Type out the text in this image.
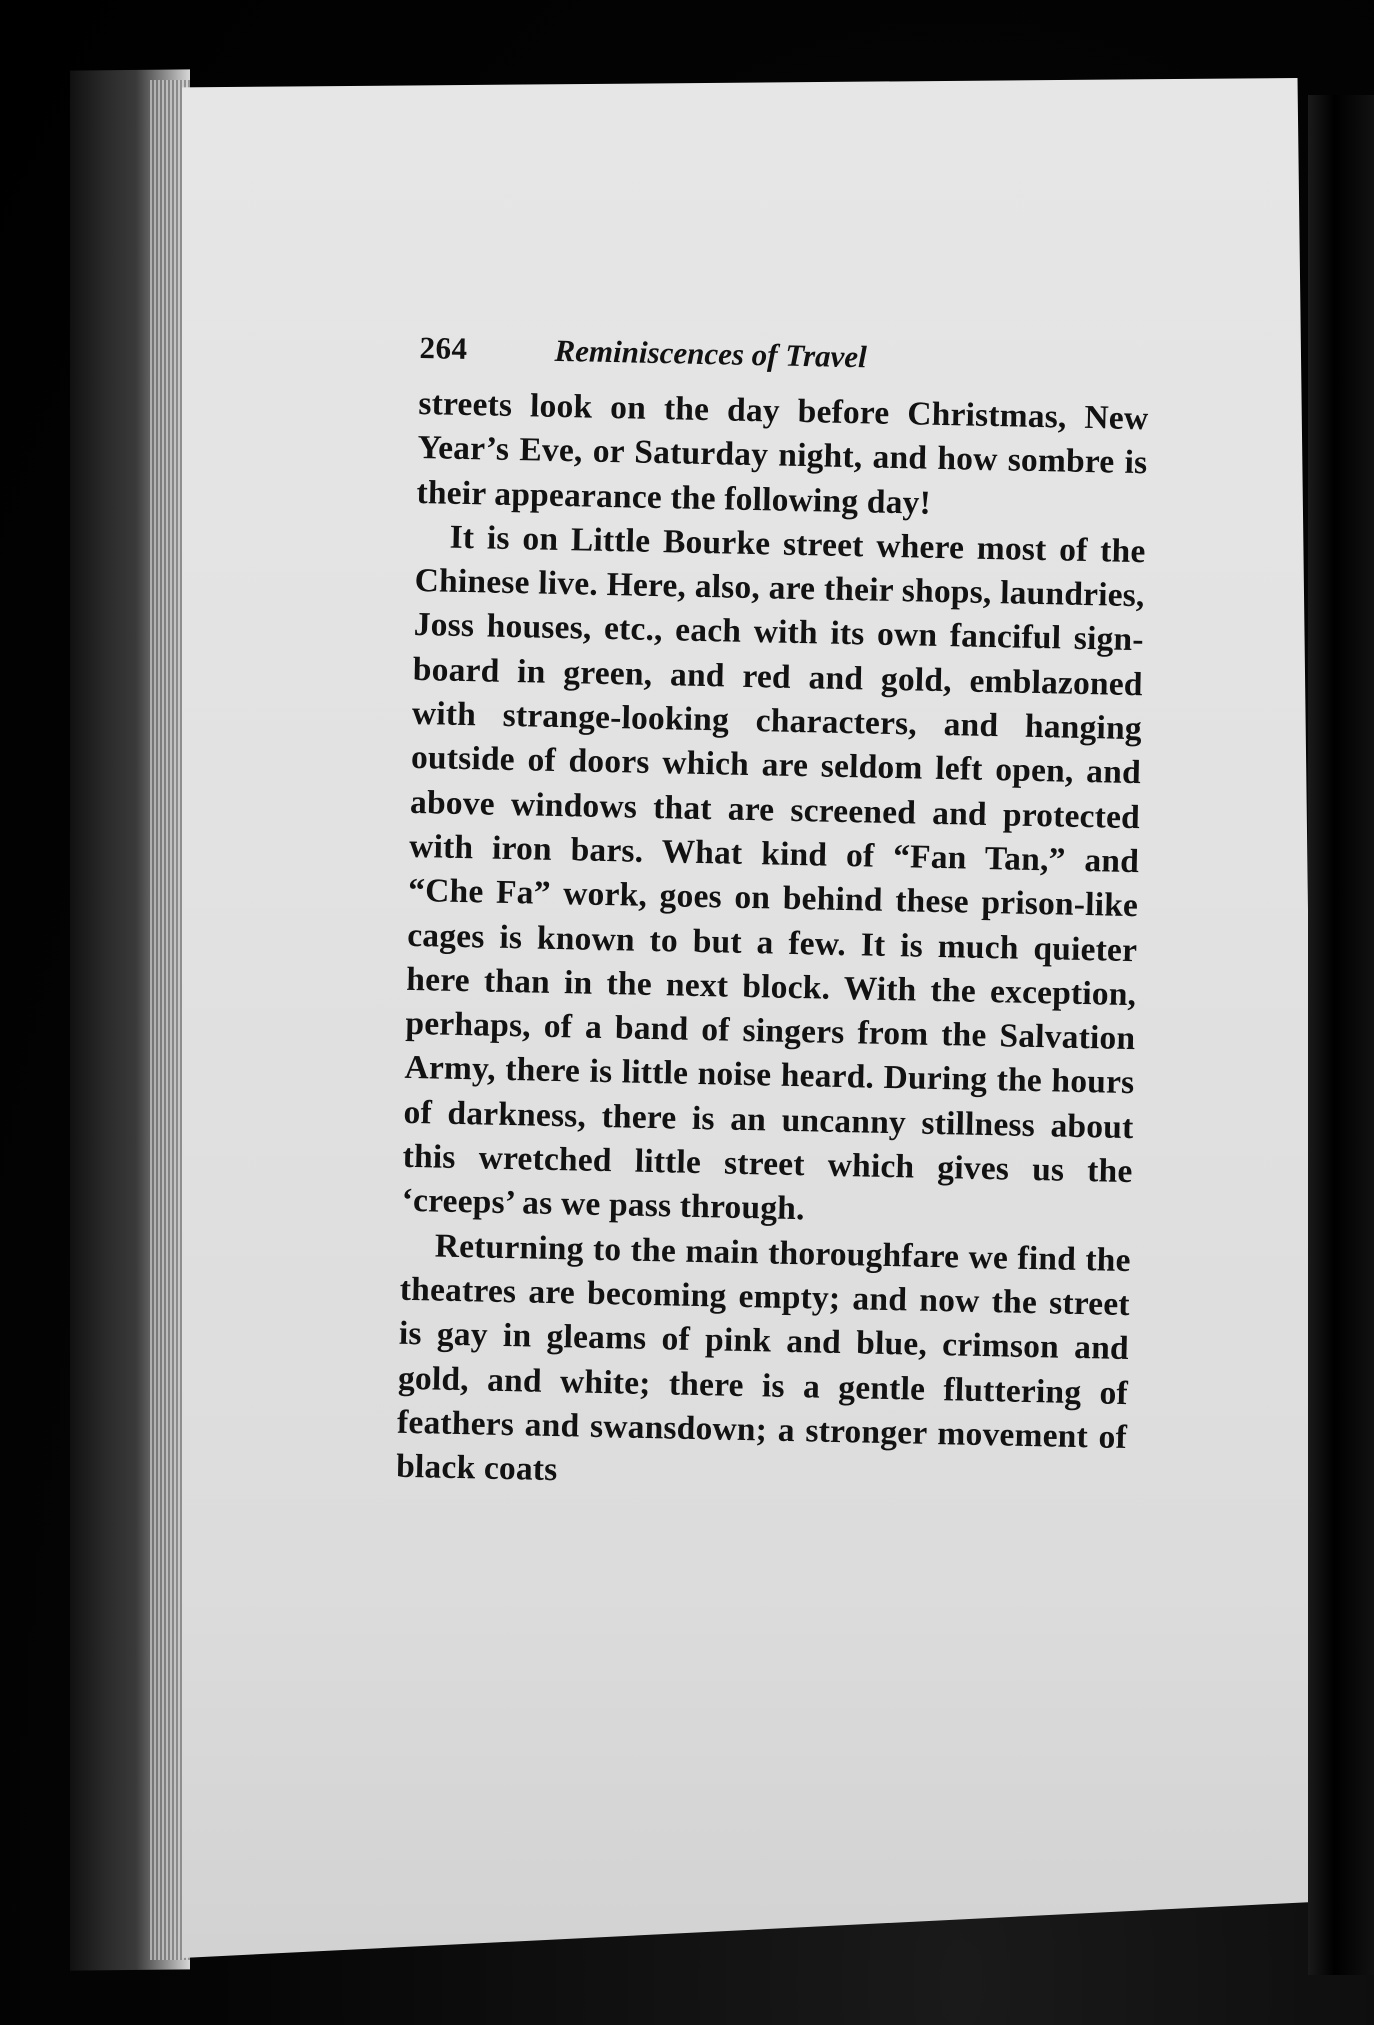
264	Reminiscences of Travel

streets look on the day before Christmas, New Year’s Eve, or Saturday night, and how sombre is their appearance the following day!

It is on Little Bourke street where most of the Chinese live. Here, also, are their shops, laundries, Joss houses, etc., each with its own fanciful sign-board in green, and red and gold, emblazoned with strange-looking characters, and hanging outside of doors which are seldom left open, and above windows that are screened and protected with iron bars. What kind of “Fan Tan,” and “Che Fa” work, goes on behind these prison-like cages is known to but a few. It is much quieter here than in the next block. With the exception, perhaps, of a band of singers from the Salvation Army, there is little noise heard. During the hours of darkness, there is an uncanny stillness about this wretched little street which gives us the ‘creeps’ as we pass through.

Returning to the main thoroughfare we find the theatres are becoming empty; and now the street is gay in gleams of pink and blue, crimson and gold, and white; there is a gentle fluttering of feathers and swansdown; a stronger movement of black coats
